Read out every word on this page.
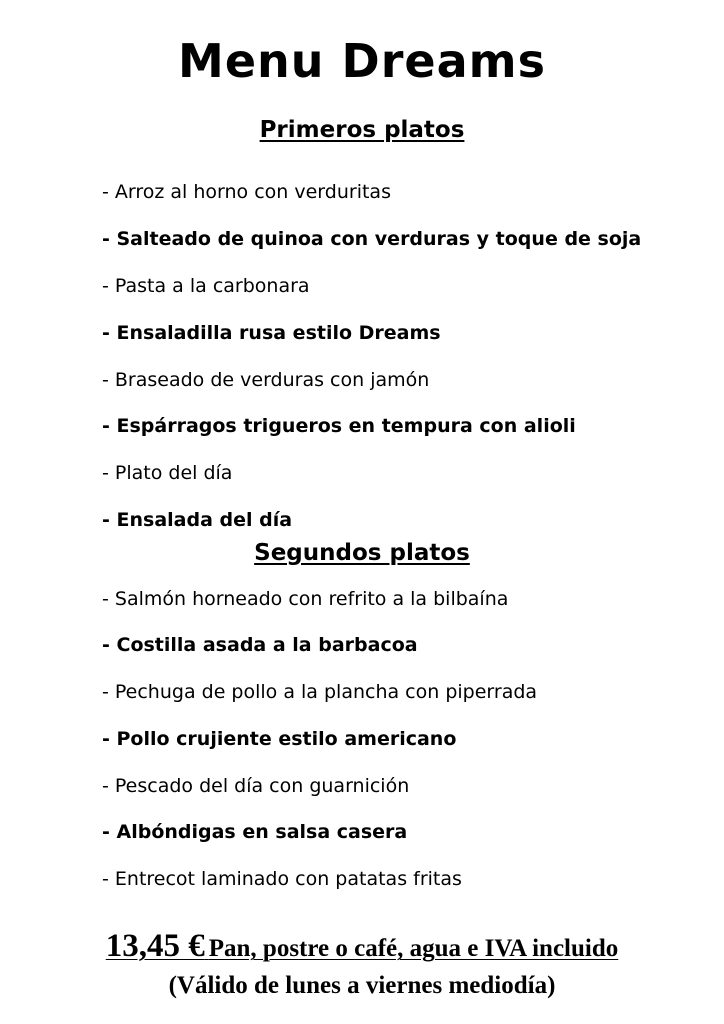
Menu Dreams
Primeros platos
- Arroz al horno con verduritas
- Salteado de quinoa con verduras y toque de soja
- Pasta a la carbonara
- Ensaladilla rusa estilo Dreams
- Braseado de verduras con jamón
- Espárragos trigueros en tempura con alioli
- Plato del día
- Ensalada del día
Segundos platos
- Salmón horneado con refrito a la bilbaína
- Costilla asada a la barbacoa
- Pechuga de pollo a la plancha con piperrada
- Pollo crujiente estilo americano
- Pescado del día con guarnición
- Albóndigas en salsa casera
- Entrecot laminado con patatas fritas
13,45 € Pan, postre o café, agua e IVA incluido
(Válido de lunes a viernes mediodía)
